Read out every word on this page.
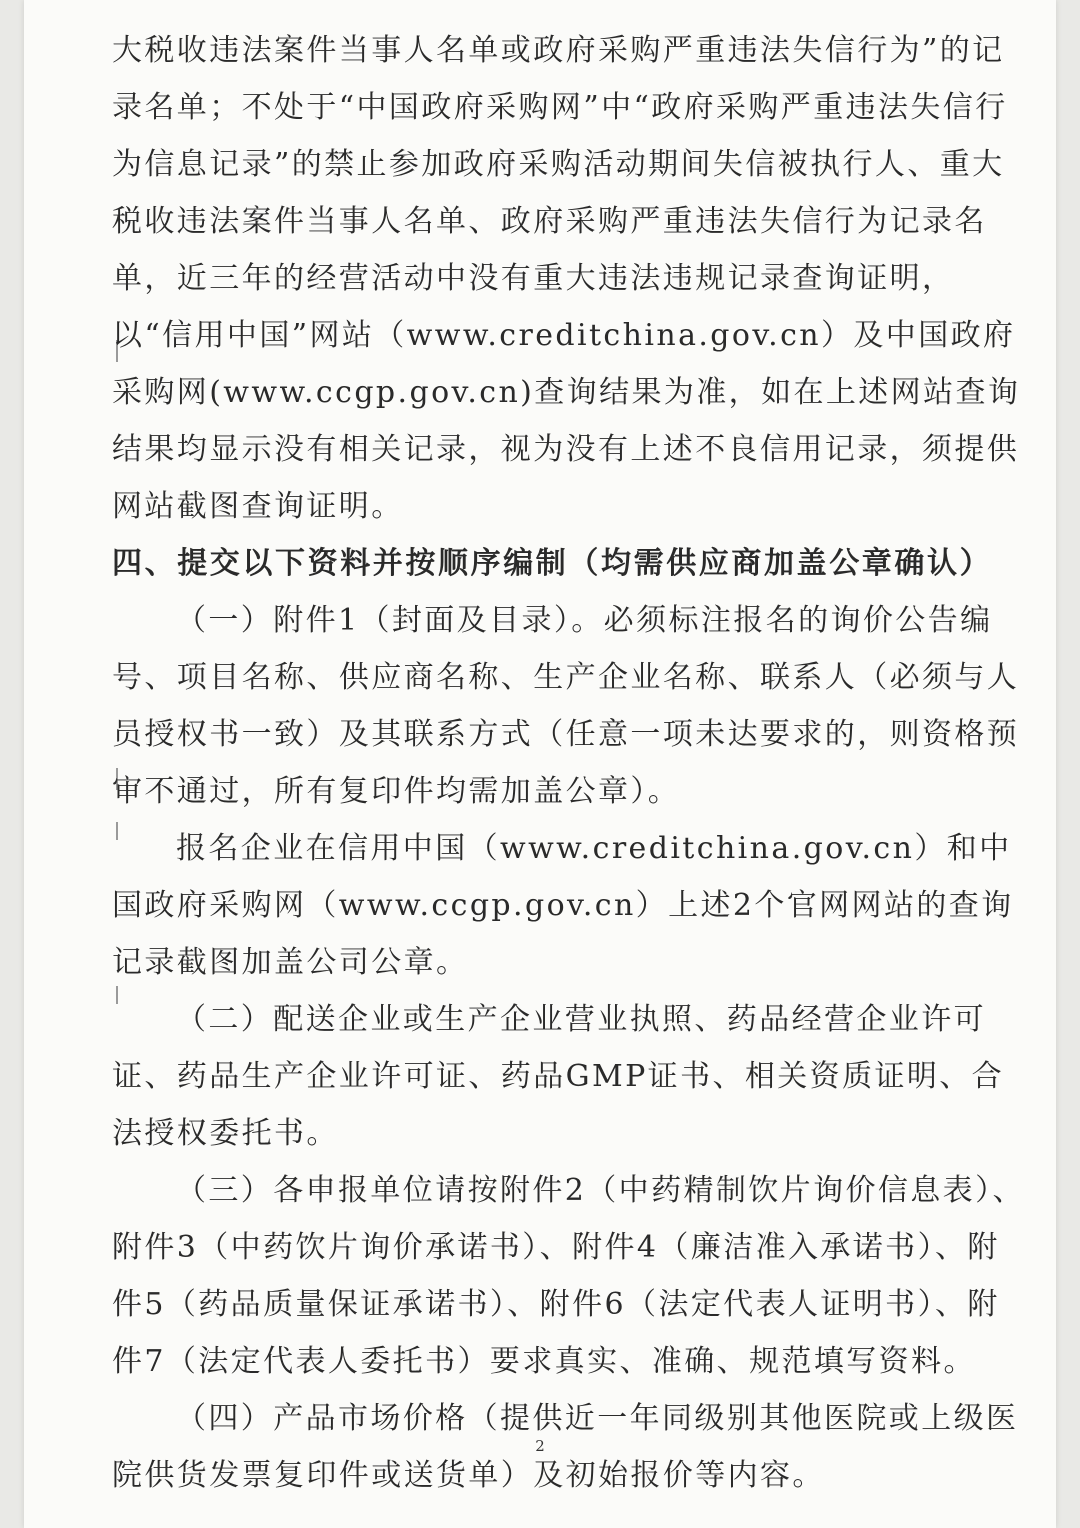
大税收违法案件当事人名单或政府采购严重违法失信行为”的记录名单；不处于“中国政府采购网”中“政府采购严重违法失信行为信息记录”的禁止参加政府采购活动期间失信被执行人、重大税收违法案件当事人名单、政府采购严重违法失信行为记录名单，近三年的经营活动中没有重大违法违规记录查询证明，以“信用中国”网站（www.creditchina.gov.cn）及中国政府采购网(www.ccgp.gov.cn)查询结果为准，如在上述网站查询结果均显示没有相关记录，视为没有上述不良信用记录，须提供网站截图查询证明。

四、提交以下资料并按顺序编制（均需供应商加盖公章确认）

（一）附件1（封面及目录）。必须标注报名的询价公告编号、项目名称、供应商名称、生产企业名称、联系人（必须与人员授权书一致）及其联系方式（任意一项未达要求的，则资格预审不通过，所有复印件均需加盖公章）。

报名企业在信用中国（www.creditchina.gov.cn）和中国政府采购网（www.ccgp.gov.cn）上述2个官网网站的查询记录截图加盖公司公章。

（二）配送企业或生产企业营业执照、药品经营企业许可证、药品生产企业许可证、药品GMP证书、相关资质证明、合法授权委托书。

（三）各申报单位请按附件2（中药精制饮片询价信息表）、附件3（中药饮片询价承诺书）、附件4（廉洁准入承诺书）、附件5（药品质量保证承诺书）、附件6（法定代表人证明书）、附件7（法定代表人委托书）要求真实、准确、规范填写资料。

（四）产品市场价格（提供近一年同级别其他医院或上级医院供货发票复印件或送货单）及初始报价等内容。

2
